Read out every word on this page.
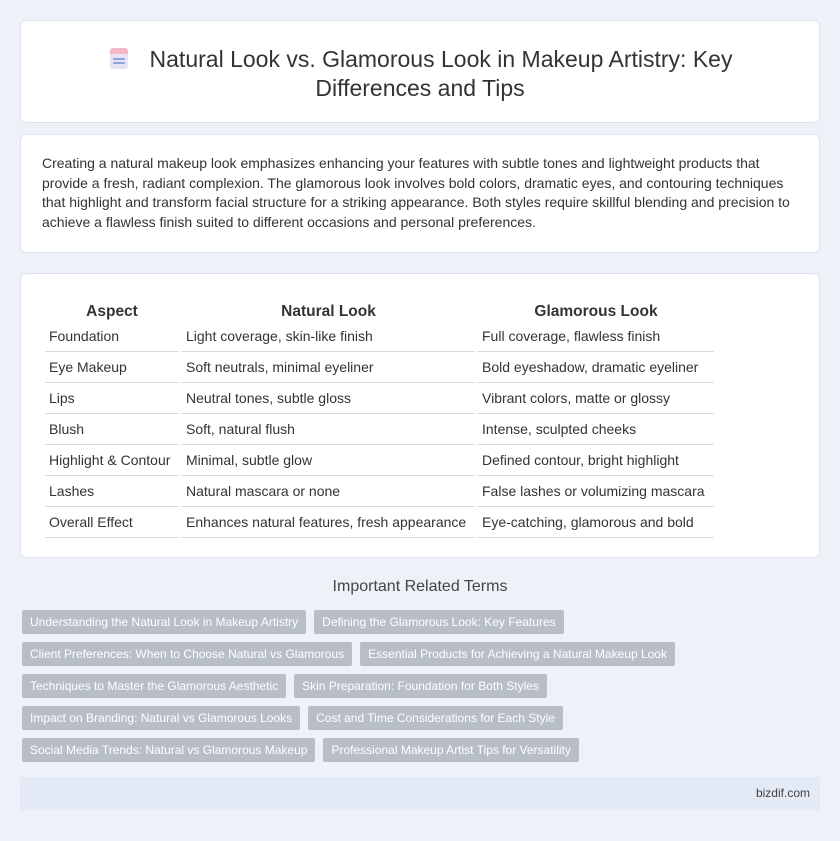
Natural Look vs. Glamorous Look in Makeup Artistry: Key
Differences and Tips

Creating a natural makeup look emphasizes enhancing your features with subtle tones and lightweight products that provide a fresh, radiant complexion. The glamorous look involves bold colors, dramatic eyes, and contouring techniques that highlight and transform facial structure for a striking appearance. Both styles require skillful blending and precision to achieve a flawless finish suited to different occasions and personal preferences.

Aspect	Natural Look	Glamorous Look
Foundation	Light coverage, skin-like finish	Full coverage, flawless finish
Eye Makeup	Soft neutrals, minimal eyeliner	Bold eyeshadow, dramatic eyeliner
Lips	Neutral tones, subtle gloss	Vibrant colors, matte or glossy
Blush	Soft, natural flush	Intense, sculpted cheeks
Highlight & Contour	Minimal, subtle glow	Defined contour, bright highlight
Lashes	Natural mascara or none	False lashes or volumizing mascara
Overall Effect	Enhances natural features, fresh appearance	Eye-catching, glamorous and bold
Important Related Terms
Understanding the Natural Look in Makeup Artistry	Defining the Glamorous Look: Key Features
Client Preferences: When to Choose Natural vs Glamorous	Essential Products for Achieving a Natural Makeup Look
Techniques to Master the Glamorous Aesthetic	Skin Preparation: Foundation for Both Styles
Impact on Branding: Natural vs Glamorous Looks	Cost and Time Considerations for Each Style
Social Media Trends: Natural vs Glamorous Makeup	Professional Makeup Artist Tips for Versatility
bizdif.com
